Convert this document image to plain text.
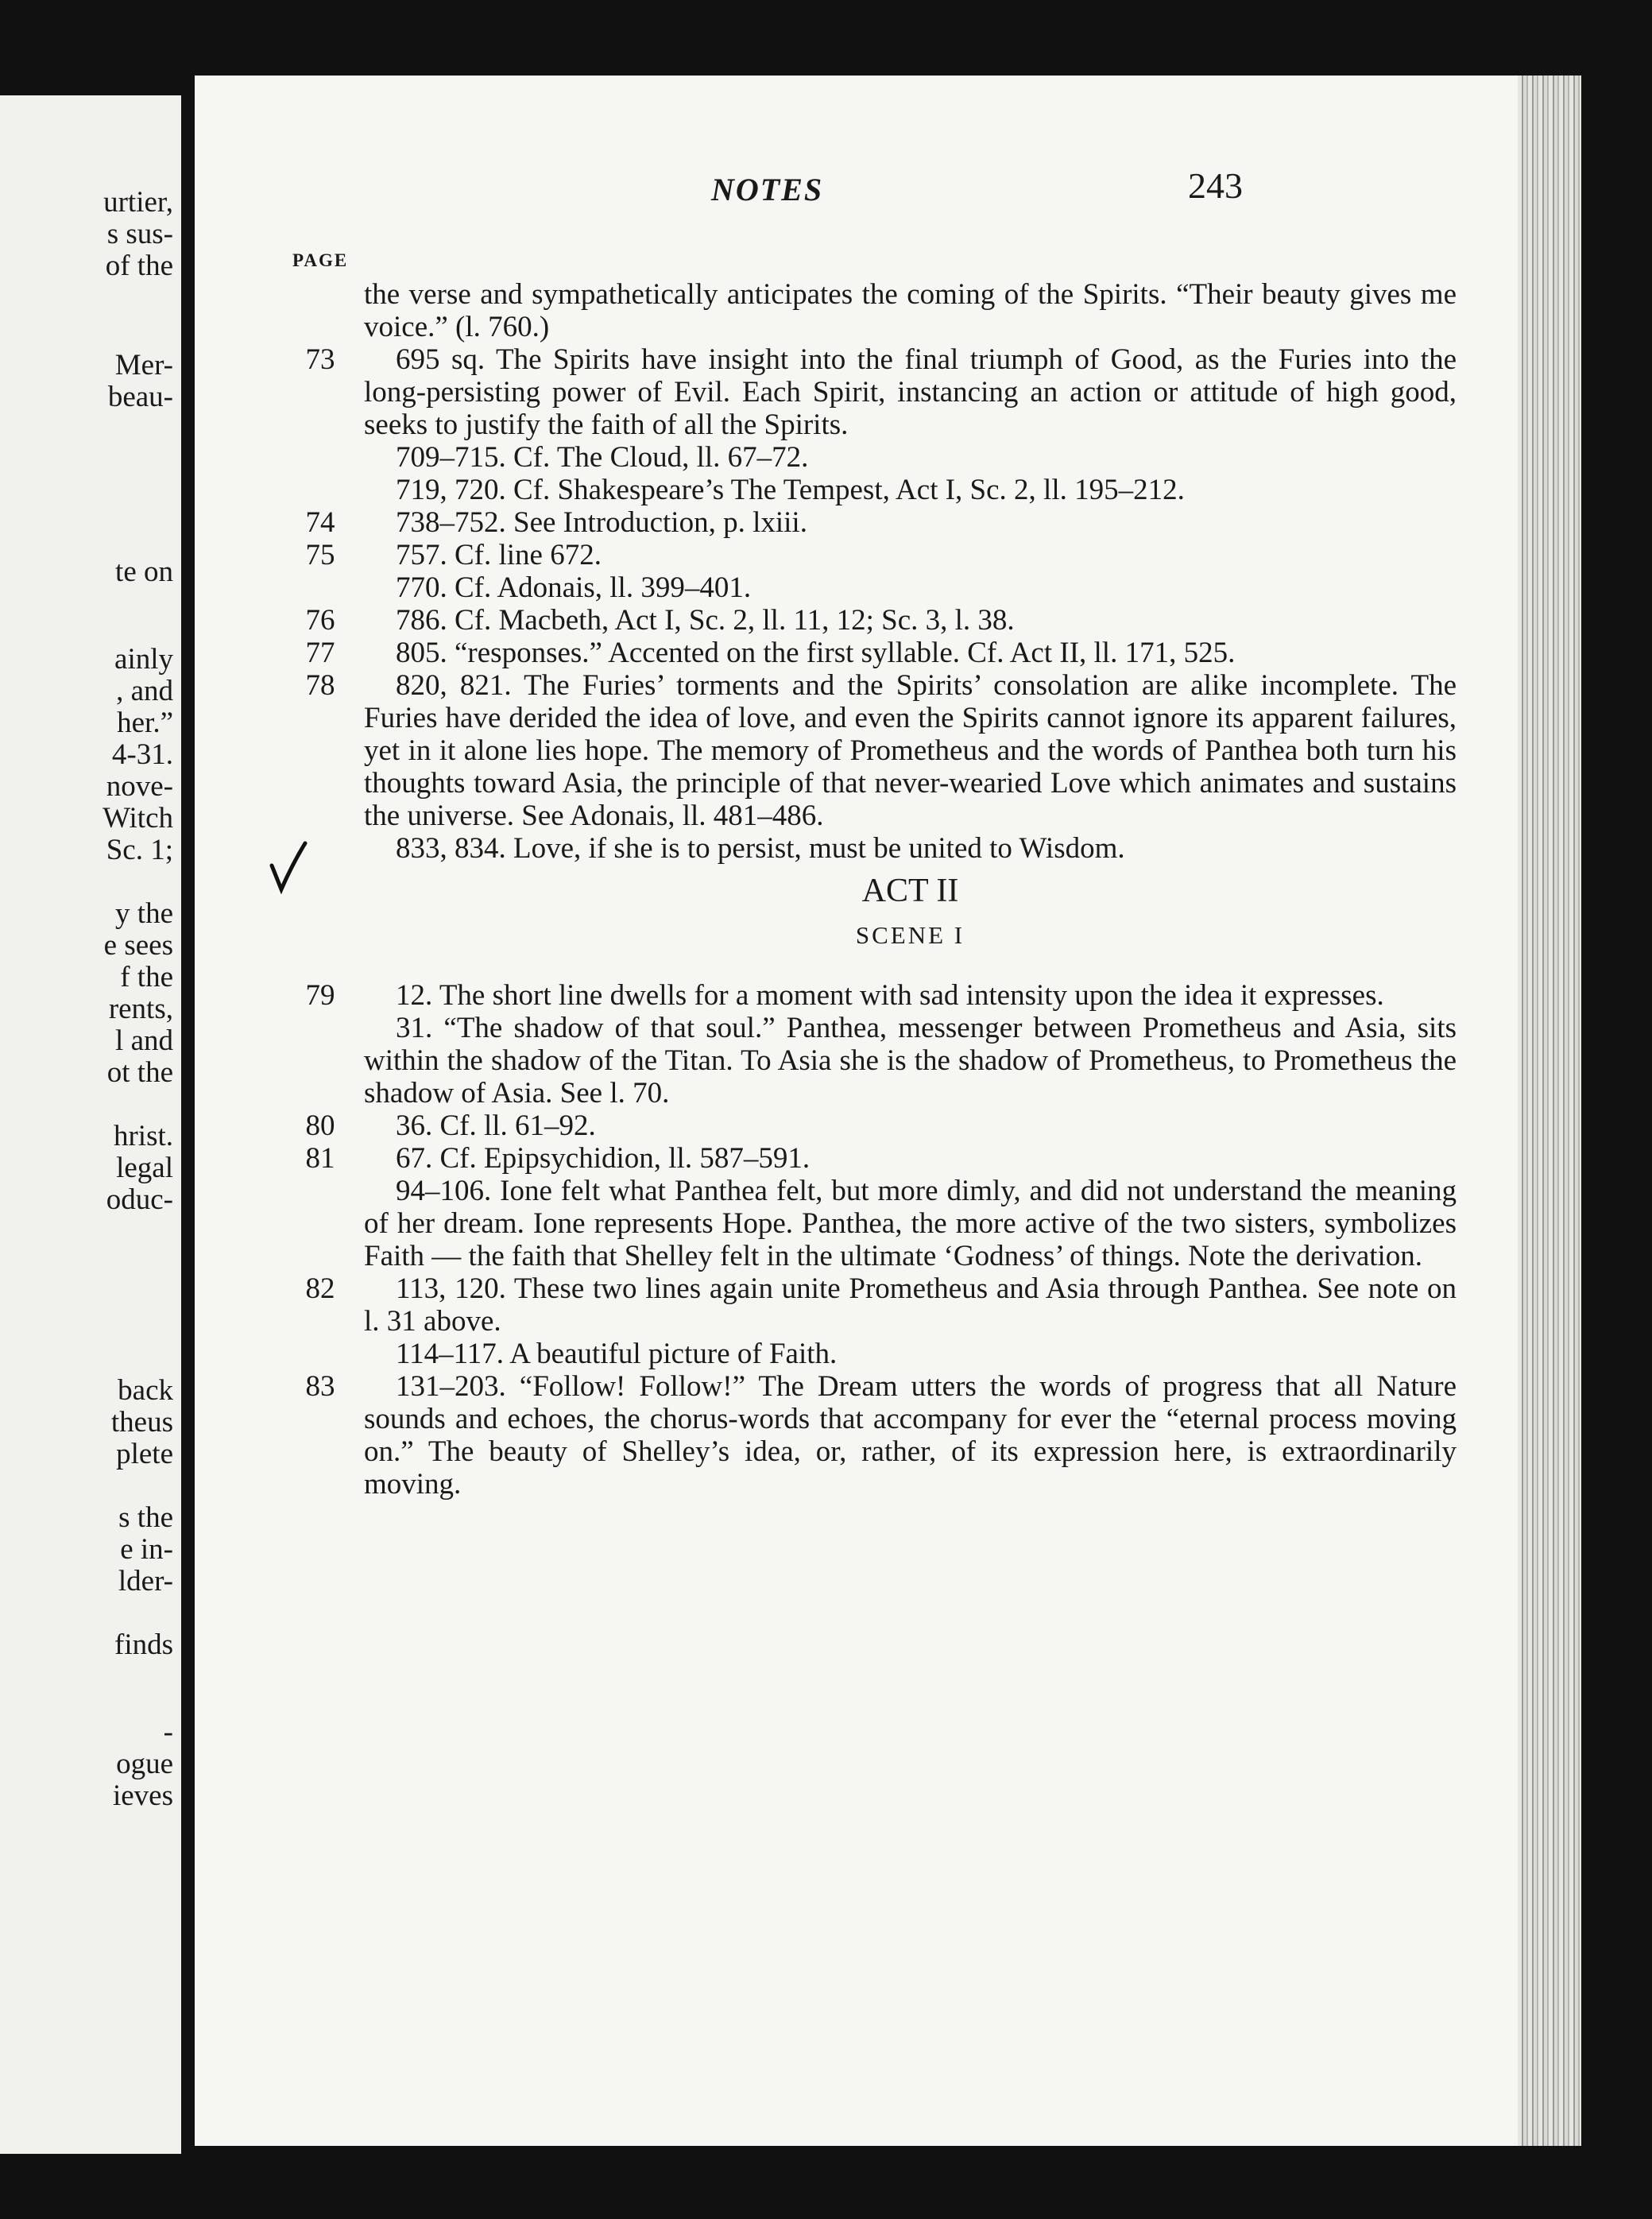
urtier,
s sus-
of the
Mer-
beau-
te on
ainly
, and
her.”
4-31.
nove-
Witch
Sc. 1;
y the
e sees
f the
rents,
l and
ot the
hrist.
legal
oduc-
back
theus
plete
s the
e in-
lder-
finds
-
ogue
ieves
NOTES	243
PAGE
the verse and sympathetically anticipates the coming of the Spirits. “Their beauty gives me voice.” (l. 760.)
73	695 sq. The Spirits have insight into the final triumph of Good, as the Furies into the long-persisting power of Evil. Each Spirit, instancing an action or attitude of high good, seeks to justify the faith of all the Spirits.
709–715. Cf. The Cloud, ll. 67–72.
719, 720. Cf. Shakespeare’s The Tempest, Act I, Sc. 2, ll. 195–212.
74	738–752. See Introduction, p. lxiii.
75	757. Cf. line 672.
770. Cf. Adonais, ll. 399–401.
76	786. Cf. Macbeth, Act I, Sc. 2, ll. 11, 12; Sc. 3, l. 38.
77	805. “responses.” Accented on the first syllable. Cf. Act II, ll. 171, 525.
78	820, 821. The Furies’ torments and the Spirits’ consolation are alike incomplete. The Furies have derided the idea of love, and even the Spirits cannot ignore its apparent failures, yet in it alone lies hope. The memory of Prometheus and the words of Panthea both turn his thoughts toward Asia, the principle of that never-wearied Love which animates and sustains the universe. See Adonais, ll. 481–486.
833, 834. Love, if she is to persist, must be united to Wisdom.
ACT II
SCENE I
79	12. The short line dwells for a moment with sad intensity upon the idea it expresses.
31. “The shadow of that soul.” Panthea, messenger between Prometheus and Asia, sits within the shadow of the Titan. To Asia she is the shadow of Prometheus, to Prometheus the shadow of Asia. See l. 70.
80	36. Cf. ll. 61–92.
81	67. Cf. Epipsychidion, ll. 587–591.
94–106. Ione felt what Panthea felt, but more dimly, and did not understand the meaning of her dream. Ione represents Hope. Panthea, the more active of the two sisters, symbolizes Faith — the faith that Shelley felt in the ultimate ‘Godness’ of things. Note the derivation.
82	113, 120. These two lines again unite Prometheus and Asia through Panthea. See note on l. 31 above.
114–117. A beautiful picture of Faith.
83	131–203. “Follow! Follow!” The Dream utters the words of progress that all Nature sounds and echoes, the chorus-words that accompany for ever the “eternal process moving on.” The beauty of Shelley’s idea, or, rather, of its expression here, is extraordinarily moving.
